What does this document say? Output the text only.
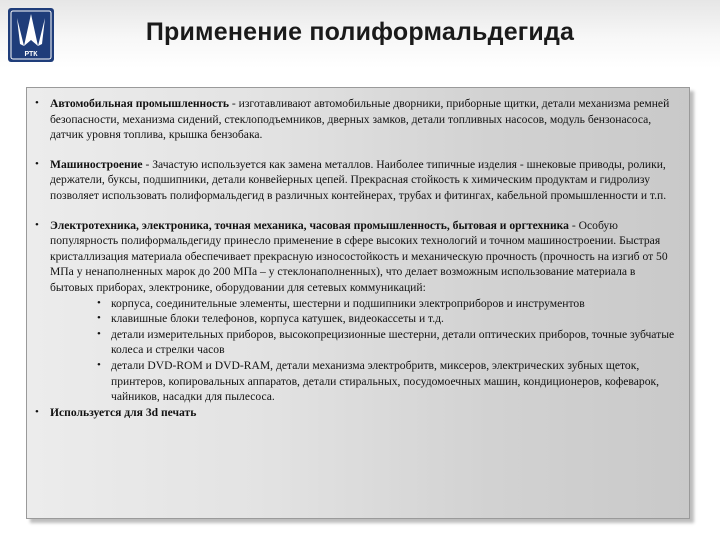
РТК
Применение полиформальдегида

• Автомобильная промышленность - изготавливают автомобильные дворники, приборные щитки, детали механизма ремней безопасности, механизма сидений, стеклоподъемников, дверных замков, детали топливных насосов, модуль бензонасоса, датчик уровня топлива, крышка бензобака.

• Машиностроение - Зачастую используется как замена металлов. Наиболее типичные изделия - шнековые приводы, ролики, держатели, буксы, подшипники, детали конвейерных цепей. Прекрасная стойкость к химическим продуктам и гидролизу позволяет использовать полиформальдегид в различных контейнерах, трубах и фитингах, кабельной промышленности и т.п.

• Электротехника, электроника, точная механика, часовая промышленность, бытовая и оргтехника - Особую популярность полиформальдегиду принесло применение в сфере высоких технологий и точном машиностроении. Быстрая кристаллизация материала обеспечивает прекрасную износостойкость и механическую прочность (прочность на изгиб от 50 МПа у ненаполненных марок до 200 МПа – у стеклонаполненных), что делает возможным использование материала в бытовых приборах, электронике, оборудовании для сетевых коммуникаций:

• корпуса, соединительные элементы, шестерни и подшипники электроприборов и инструментов

• клавишные блоки телефонов, корпуса катушек, видеокассеты и т.д.

• детали измерительных приборов, высокопрецизионные шестерни, детали оптических приборов, точные зубчатые колеса и стрелки часов

• детали DVD-ROM и DVD-RAM, детали механизма электробритв, миксеров, электрических зубных щеток, принтеров, копировальных аппаратов, детали стиральных, посудомоечных машин, кондиционеров, кофеварок, чайников, насадки для пылесоса.

• Используется для 3d печать
